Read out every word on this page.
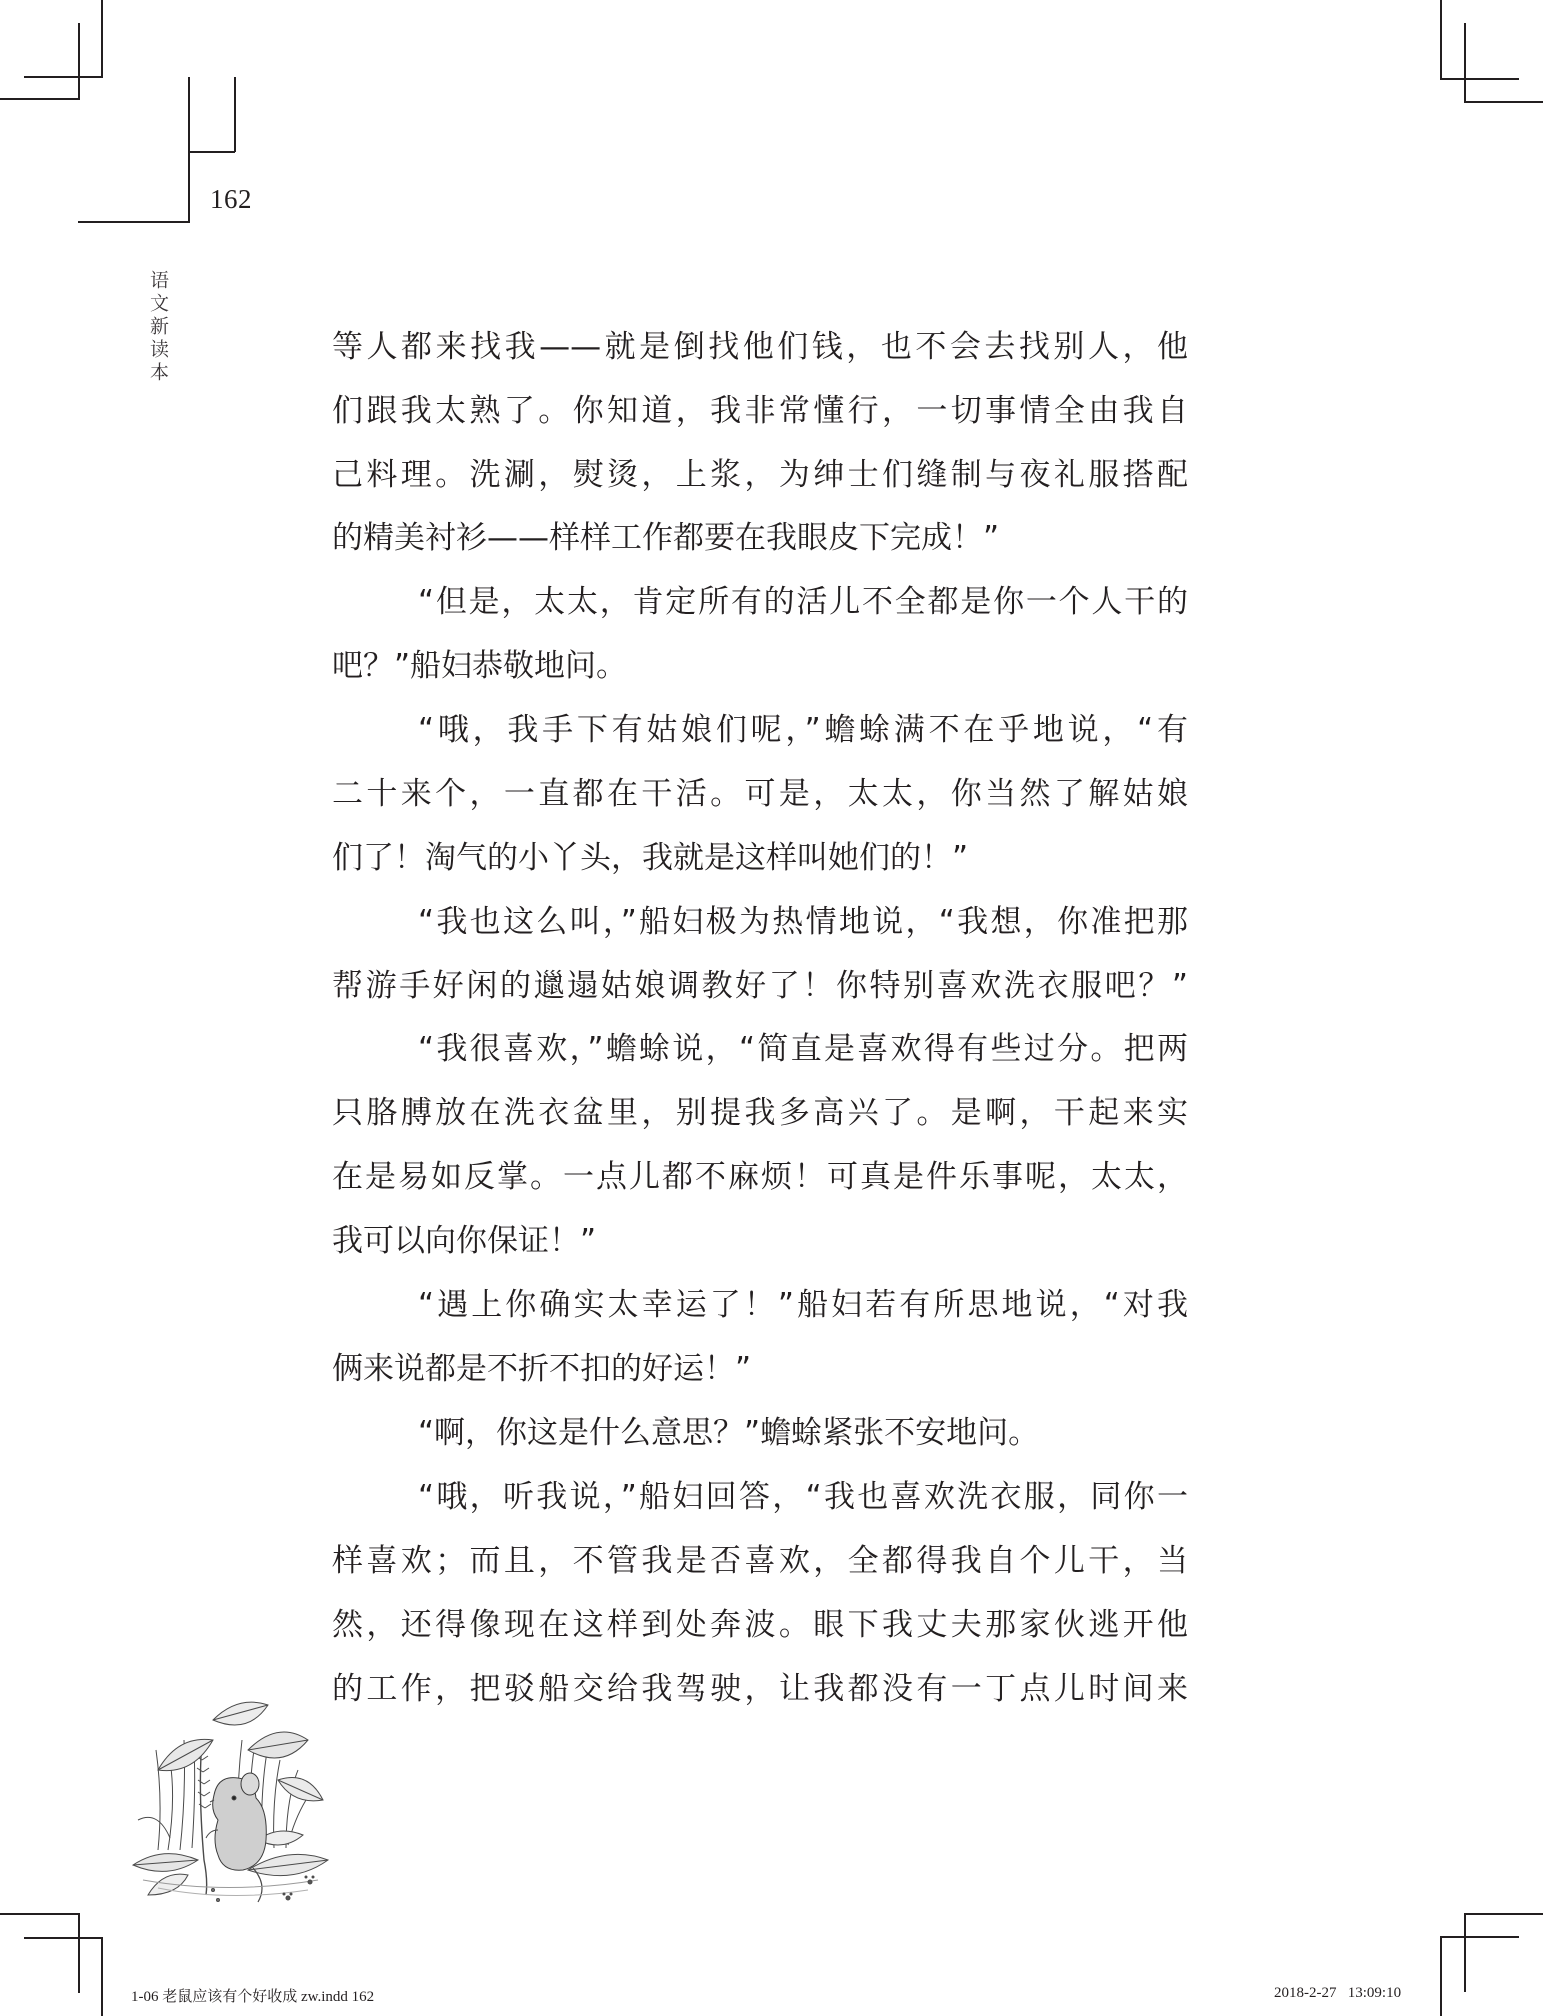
162
语文新读本	等人都来找我——就是倒找他们钱，也不会去找别人，他
们跟我太熟了。你知道，我非常懂行，一切事情全由我自
己料理。洗涮，熨烫，上浆，为绅士们缝制与夜礼服搭配
的精美衬衫——样样工作都要在我眼皮下完成！”
“但是，太太，肯定所有的活儿不全都是你一个人干的
吧？”船妇恭敬地问。
“哦，我手下有姑娘们呢，”蟾蜍满不在乎地说，“有
二十来个，一直都在干活。可是，太太，你当然了解姑娘
们了！淘气的小丫头，我就是这样叫她们的！”
“我也这么叫，”船妇极为热情地说，“我想，你准把那
帮游手好闲的邋遢姑娘调教好了！你特别喜欢洗衣服吧？”
“我很喜欢，”蟾蜍说，“简直是喜欢得有些过分。把两
只胳膊放在洗衣盆里，别提我多高兴了。是啊，干起来实
在是易如反掌。一点儿都不麻烦！可真是件乐事呢，太太，
我可以向你保证！”
“遇上你确实太幸运了！”船妇若有所思地说，“对我
俩来说都是不折不扣的好运！”
“啊，你这是什么意思？”蟾蜍紧张不安地问。
“哦，听我说，”船妇回答，“我也喜欢洗衣服，同你一
样喜欢；而且，不管我是否喜欢，全都得我自个儿干，当
然，还得像现在这样到处奔波。眼下我丈夫那家伙逃开他
的工作，把驳船交给我驾驶，让我都没有一丁点儿时间来
1-06 老鼠应该有个好收成 zw.indd 162	2018-2-27   13:09:10
